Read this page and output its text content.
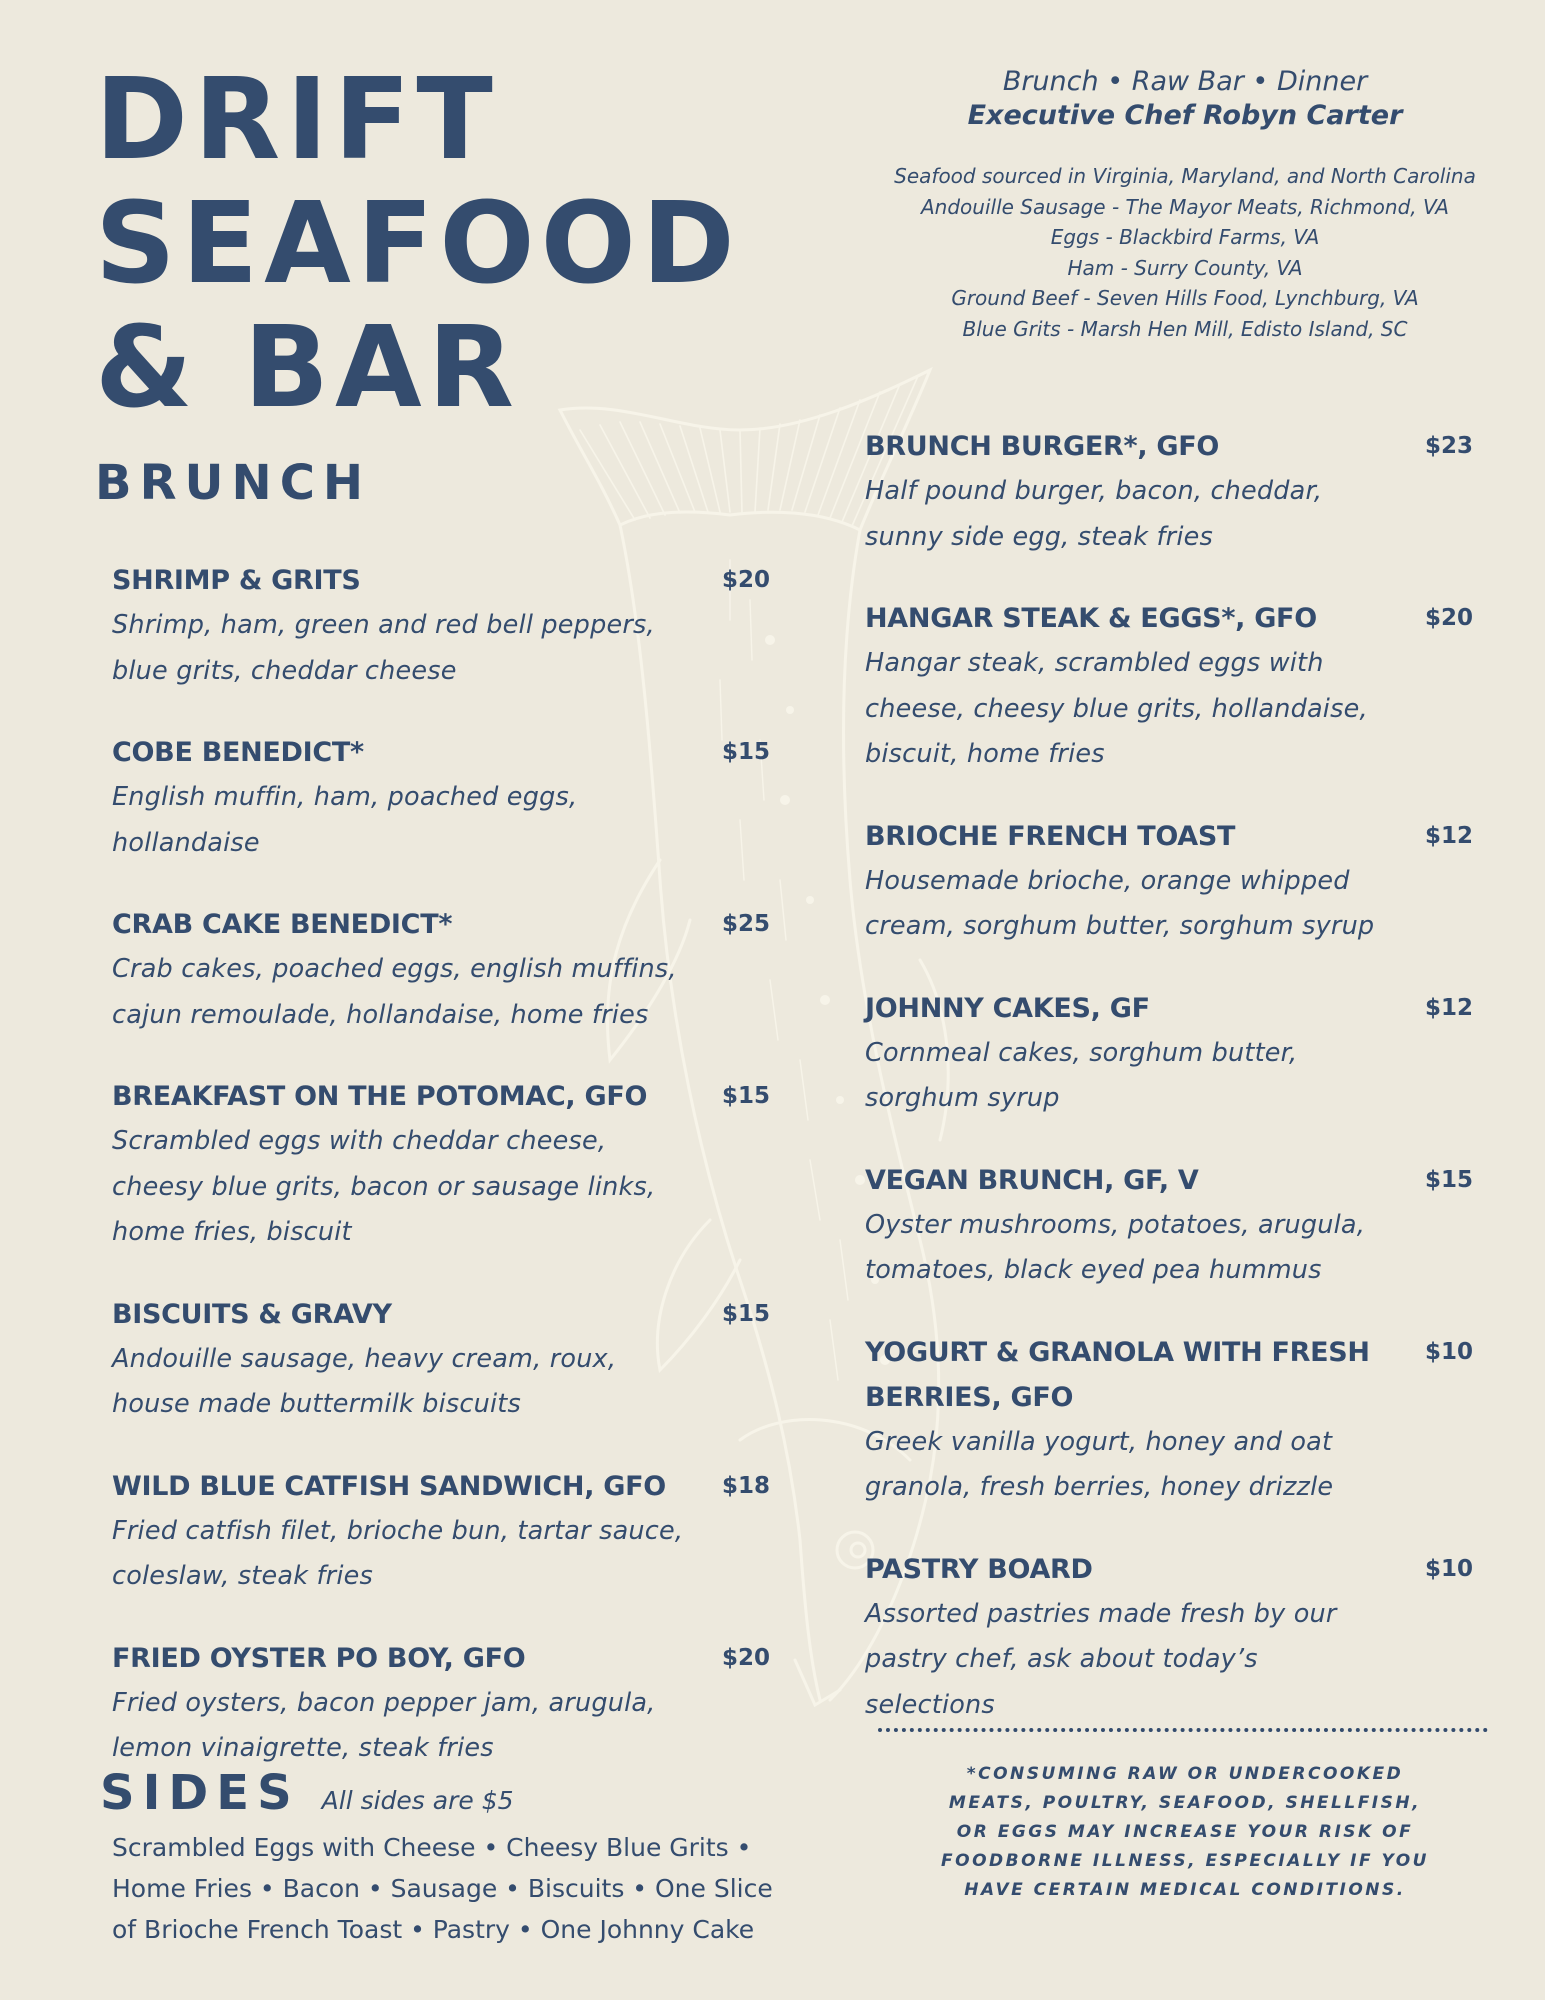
DRIFT
SEAFOOD
& BAR
BRUNCH
Brunch • Raw Bar • Dinner
Executive Chef Robyn Carter
Seafood sourced in Virginia, Maryland, and North Carolina
Andouille Sausage - The Mayor Meats, Richmond, VA
Eggs - Blackbird Farms, VA
Ham - Surry County, VA
Ground Beef - Seven Hills Food, Lynchburg, VA
Blue Grits - Marsh Hen Mill, Edisto Island, SC
SHRIMP & GRITS	$20
Shrimp, ham, green and red bell peppers, blue grits, cheddar cheese
COBE BENEDICT*	$15
English muffin, ham, poached eggs, hollandaise
CRAB CAKE BENEDICT*	$25
Crab cakes, poached eggs, english muffins, cajun remoulade, hollandaise, home fries
BREAKFAST ON THE POTOMAC, GFO	$15
Scrambled eggs with cheddar cheese, cheesy blue grits, bacon or sausage links, home fries, biscuit
BISCUITS & GRAVY	$15
Andouille sausage, heavy cream, roux, house made buttermilk biscuits
WILD BLUE CATFISH SANDWICH, GFO	$18
Fried catfish filet, brioche bun, tartar sauce, coleslaw, steak fries
FRIED OYSTER PO BOY, GFO	$20
Fried oysters, bacon pepper jam, arugula, lemon vinaigrette, steak fries
BRUNCH BURGER*, GFO	$23
Half pound burger, bacon, cheddar, sunny side egg, steak fries
HANGAR STEAK & EGGS*, GFO	$20
Hangar steak, scrambled eggs with cheese, cheesy blue grits, hollandaise, biscuit, home fries
BRIOCHE FRENCH TOAST	$12
Housemade brioche, orange whipped cream, sorghum butter, sorghum syrup
JOHNNY CAKES, GF	$12
Cornmeal cakes, sorghum butter, sorghum syrup
VEGAN BRUNCH, GF, V	$15
Oyster mushrooms, potatoes, arugula, tomatoes, black eyed pea hummus
YOGURT & GRANOLA WITH FRESH BERRIES, GFO
$10
Greek vanilla yogurt, honey and oat granola, fresh berries, honey drizzle
PASTRY BOARD	$10
Assorted pastries made fresh by our pastry chef, ask about today’s selections
SIDES All sides are $5
Scrambled Eggs with Cheese • Cheesy Blue Grits • Home Fries • Bacon • Sausage • Biscuits • One Slice of Brioche French Toast • Pastry • One Johnny Cake
*CONSUMING RAW OR UNDERCOOKED MEATS, POULTRY, SEAFOOD, SHELLFISH, OR EGGS MAY INCREASE YOUR RISK OF FOODBORNE ILLNESS, ESPECIALLY IF YOU HAVE CERTAIN MEDICAL CONDITIONS.
